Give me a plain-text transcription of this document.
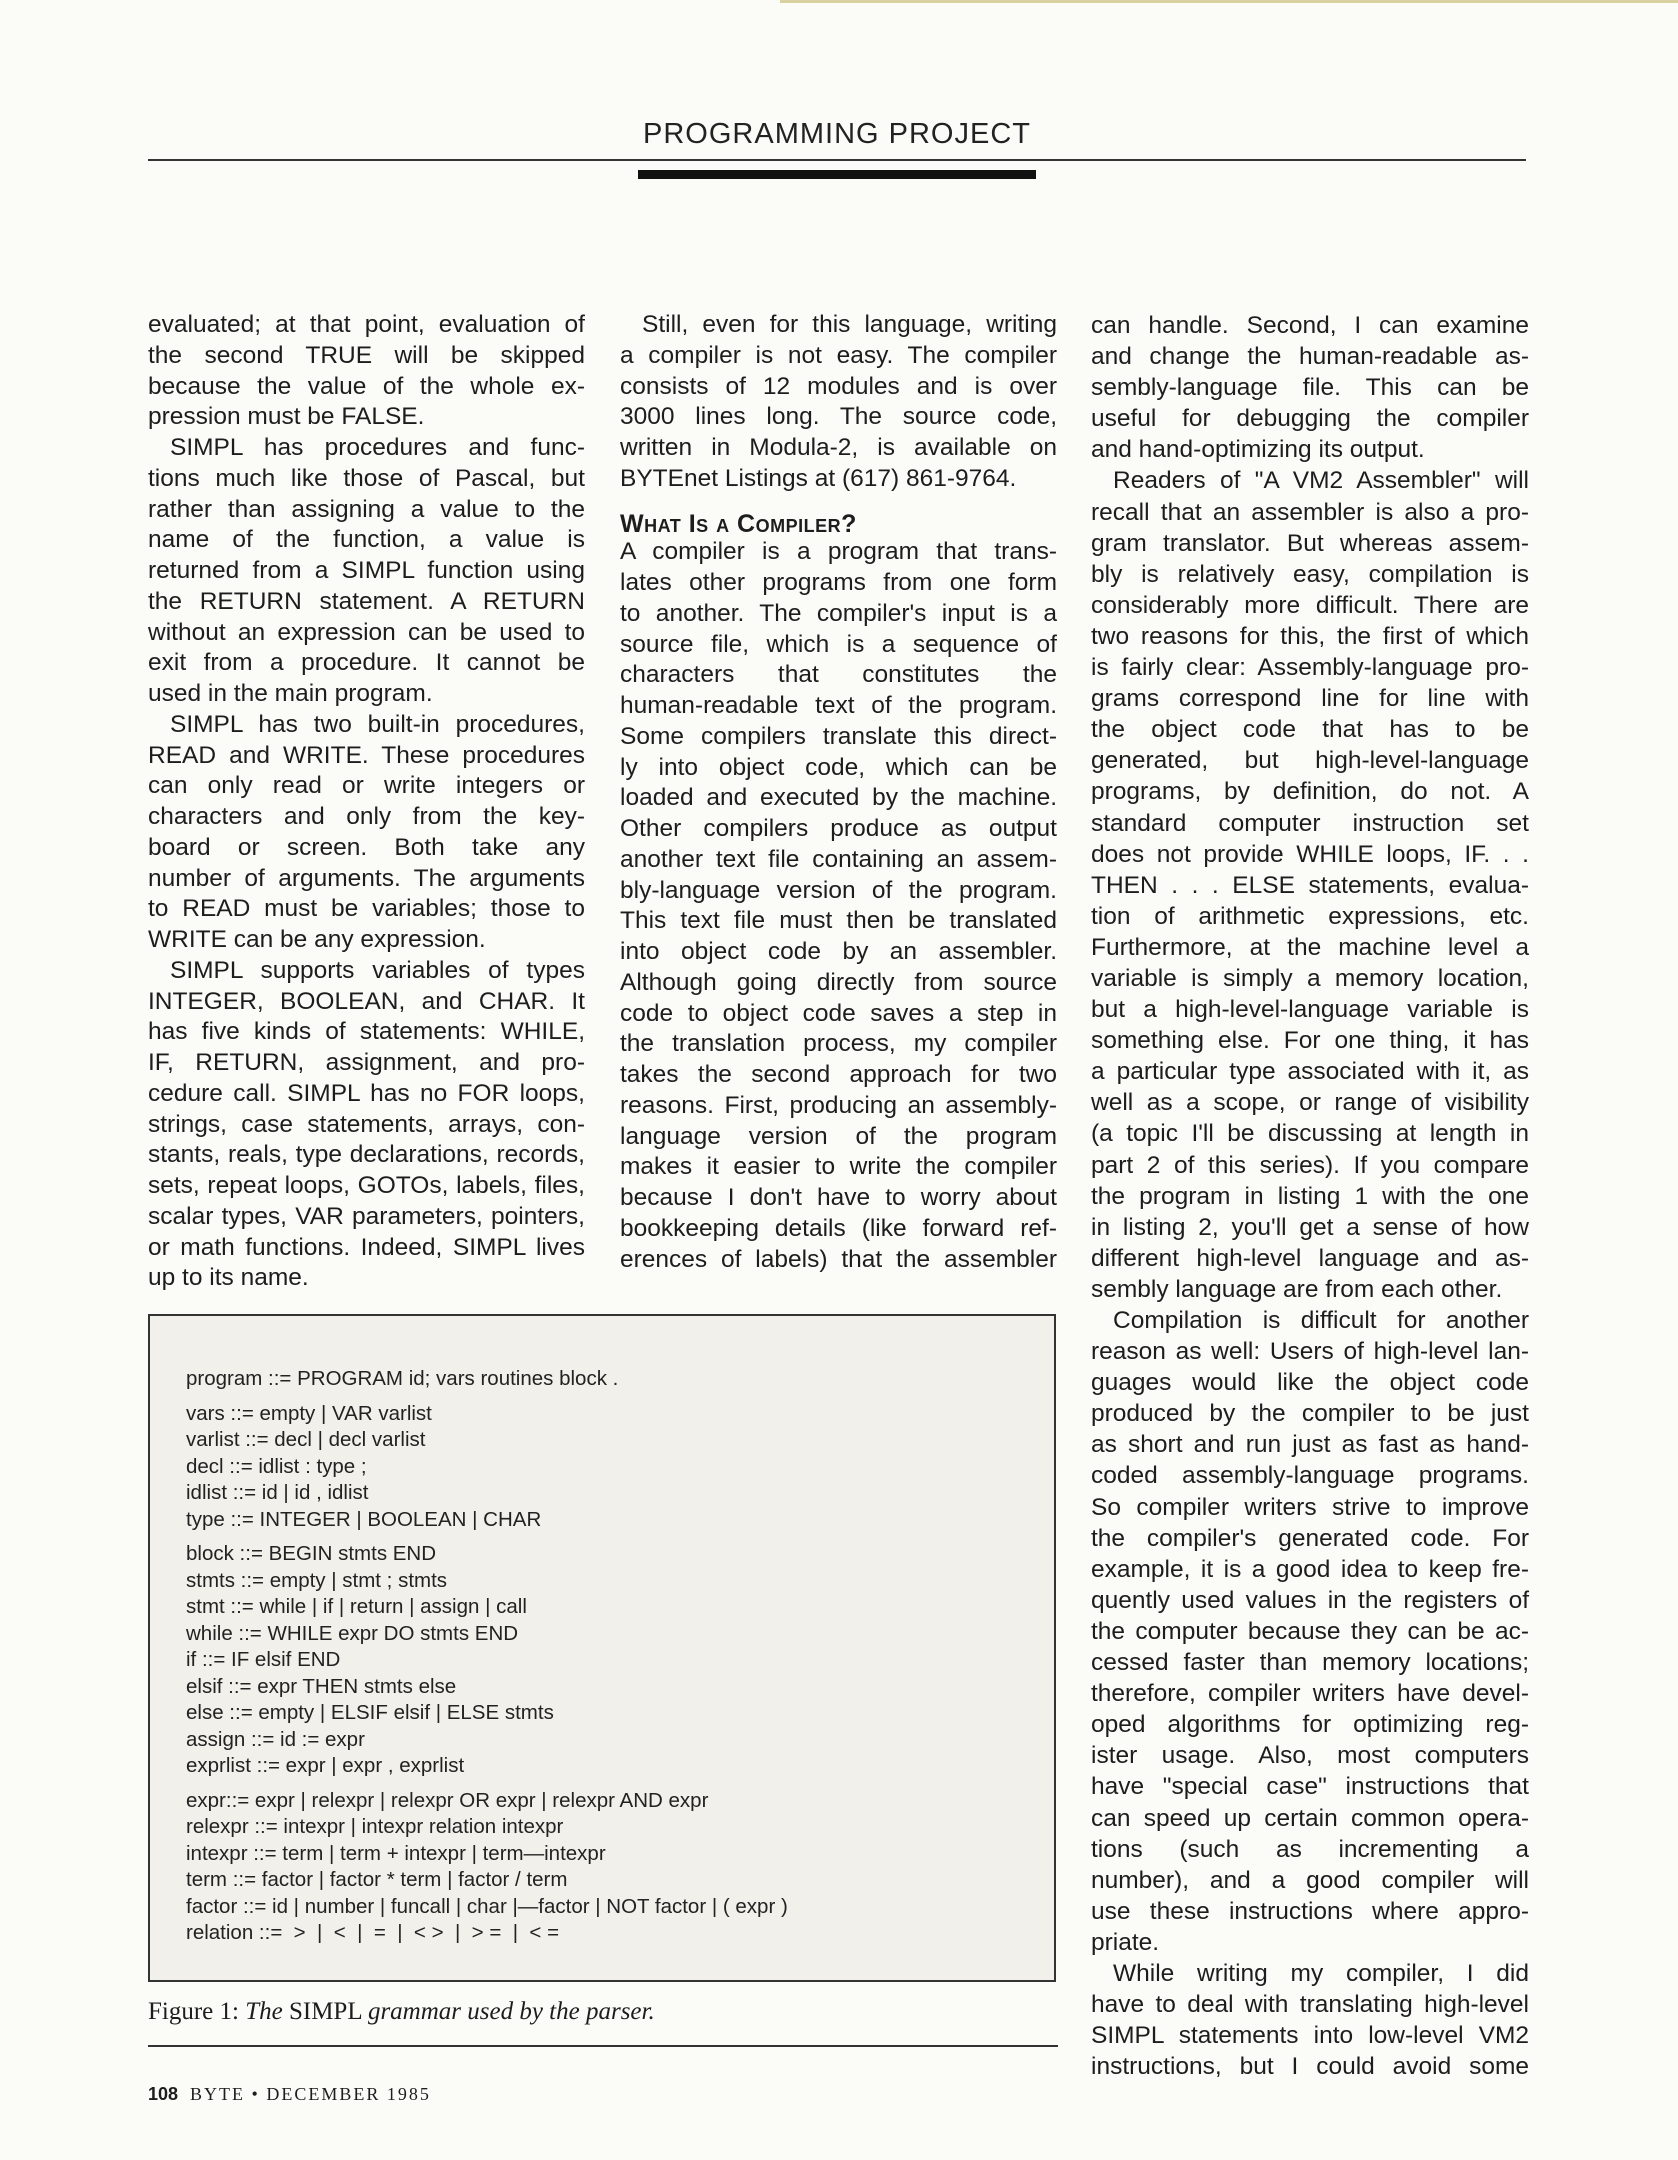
PROGRAMMING PROJECT
evaluated; at that point, evaluation of
the second TRUE will be skipped
because the value of the whole ex-
pression must be FALSE.
SIMPL has procedures and func-
tions much like those of Pascal, but
rather than assigning a value to the
name of the function, a value is
returned from a SIMPL function using
the RETURN statement. A RETURN
without an expression can be used to
exit from a procedure. It cannot be
used in the main program.
SIMPL has two built-in procedures,
READ and WRITE. These procedures
can only read or write integers or
characters and only from the key-
board or screen. Both take any
number of arguments. The arguments
to READ must be variables; those to
WRITE can be any expression.
SIMPL supports variables of types
INTEGER, BOOLEAN, and CHAR. It
has five kinds of statements: WHILE,
IF, RETURN, assignment, and pro-
cedure call. SIMPL has no FOR loops,
strings, case statements, arrays, con-
stants, reals, type declarations, records,
sets, repeat loops, GOTOs, labels, files,
scalar types, VAR parameters, pointers,
or math functions. Indeed, SIMPL lives
up to its name.
Still, even for this language, writing
a compiler is not easy. The compiler
consists of 12 modules and is over
3000 lines long. The source code,
written in Modula-2, is available on
BYTEnet Listings at (617) 861-9764.
What Is a Compiler?
A compiler is a program that trans-
lates other programs from one form
to another. The compiler's input is a
source file, which is a sequence of
characters that constitutes the
human-readable text of the program.
Some compilers translate this direct-
ly into object code, which can be
loaded and executed by the machine.
Other compilers produce as output
another text file containing an assem-
bly-language version of the program.
This text file must then be translated
into object code by an assembler.
Although going directly from source
code to object code saves a step in
the translation process, my compiler
takes the second approach for two
reasons. First, producing an assembly-
language version of the program
makes it easier to write the compiler
because I don't have to worry about
bookkeeping details (like forward ref-
erences of labels) that the assembler
can handle. Second, I can examine
and change the human-readable as-
sembly-language file. This can be
useful for debugging the compiler
and hand-optimizing its output.
Readers of "A VM2 Assembler" will
recall that an assembler is also a pro-
gram translator. But whereas assem-
bly is relatively easy, compilation is
considerably more difficult. There are
two reasons for this, the first of which
is fairly clear: Assembly-language pro-
grams correspond line for line with
the object code that has to be
generated, but high-level-language
programs, by definition, do not. A
standard computer instruction set
does not provide WHILE loops, IF. . .
THEN . . . ELSE statements, evalua-
tion of arithmetic expressions, etc.
Furthermore, at the machine level a
variable is simply a memory location,
but a high-level-language variable is
something else. For one thing, it has
a particular type associated with it, as
well as a scope, or range of visibility
(a topic I'll be discussing at length in
part 2 of this series). If you compare
the program in listing 1 with the one
in listing 2, you'll get a sense of how
different high-level language and as-
sembly language are from each other.
Compilation is difficult for another
reason as well: Users of high-level lan-
guages would like the object code
produced by the compiler to be just
as short and run just as fast as hand-
coded assembly-language programs.
So compiler writers strive to improve
the compiler's generated code. For
example, it is a good idea to keep fre-
quently used values in the registers of
the computer because they can be ac-
cessed faster than memory locations;
therefore, compiler writers have devel-
oped algorithms for optimizing reg-
ister usage. Also, most computers
have "special case" instructions that
can speed up certain common opera-
tions (such as incrementing a
number), and a good compiler will
use these instructions where appro-
priate.
While writing my compiler, I did
have to deal with translating high-level
SIMPL statements into low-level VM2
instructions, but I could avoid some
program ::= PROGRAM id; vars routines block .
vars ::= empty | VAR varlist
varlist ::= decl | decl varlist
decl ::= idlist : type ;
idlist ::= id | id , idlist
type ::= INTEGER | BOOLEAN | CHAR
block ::= BEGIN stmts END
stmts ::= empty | stmt ; stmts
stmt ::= while | if | return | assign | call
while ::= WHILE expr DO stmts END
if ::= IF elsif END
elsif ::= expr THEN stmts else
else ::= empty | ELSIF elsif | ELSE stmts
assign ::= id := expr
exprlist ::= expr | expr , exprlist
expr::= expr | relexpr | relexpr OR expr | relexpr AND expr
relexpr ::= intexpr | intexpr relation intexpr
intexpr ::= term | term + intexpr | term—intexpr
term ::= factor | factor * term | factor / term
factor ::= id | number | funcall | char |—factor | NOT factor | ( expr )
relation ::=  >  |  <  |  =  |  < >  |  > =  |  < =
Figure 1: The SIMPL grammar used by the parser.
108 BYTE • DECEMBER 1985
